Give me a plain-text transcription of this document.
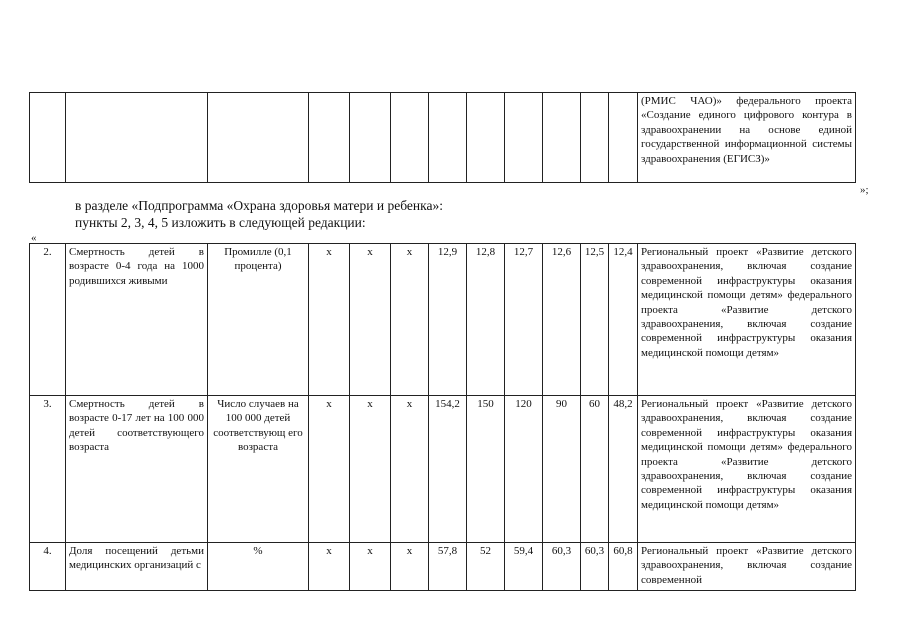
												(РМИС ЧАО)» федерального проекта «Создание единого цифрового контура в здравоохранении на основе единой государственной информационной системы здравоохранения (ЕГИСЗ)»
»;
в разделе «Подпрограмма «Охрана здоровья матери и ребенка»:
пункты 2, 3, 4, 5 изложить в следующей редакции:
«
2.	Смертность детей в возрасте 0-4 года на 1000 родившихся живыми	Промилле (0,1 процента)	x	x	x	12,9	12,8	12,7	12,6	12,5	12,4	Региональный проект «Развитие детского здравоохранения, включая создание современной инфраструктуры оказания медицинской помощи детям» федерального проекта «Развитие детского здравоохранения, включая создание современной инфраструктуры оказания медицинской помощи детям»
3.	Смертность детей в возрасте 0-17 лет на 100 000 детей соответствующего возраста	Число случаев на 100 000 детей соответствующ его возраста	x	x	x	154,2	150	120	90	60	48,2	Региональный проект «Развитие детского здравоохранения, включая создание современной инфраструктуры оказания медицинской помощи детям» федерального проекта «Развитие детского здравоохранения, включая создание современной инфраструктуры оказания медицинской помощи детям»
4.	Доля посещений детьми медицинских организаций с	%	x	x	x	57,8	52	59,4	60,3	60,3	60,8	Региональный проект «Развитие детского здравоохранения, включая создание современной
